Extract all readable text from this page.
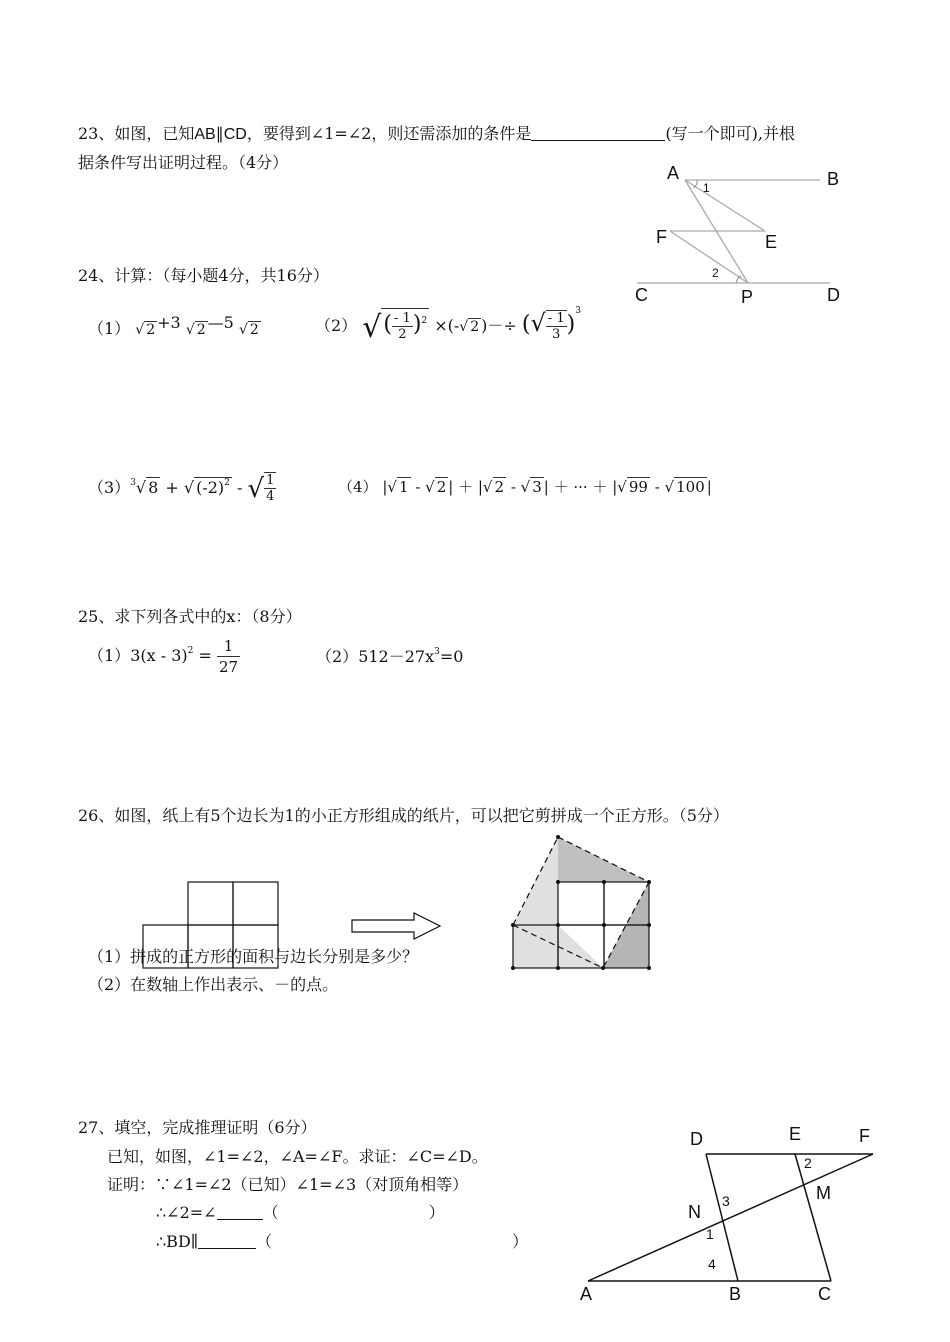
23、如图，已知AB∥CD，要得到∠1=∠2，则还需添加的条件是	(写一个即可),并根
据条件写出证明过程。（4分）
A	B
F	E
C	P	D
1
2
24、计算：（每小题4分，共16分）
（1） √ 2 +3 √ 2 —5 √ 2	（2） √( $\frac{- 1}{2} )^2$ ×(-√ 2 )－÷ (√ $\frac{- 1}{3} )^3$
$(3)^3√$ 8 + √ $(-2)^2$ - √ $\frac{1}{4}$	（4） |√ 1 - √ 2 | ＋ |√ 2 - √ 3 | ＋ ··· ＋ |√ 99 - √ 100 |
25、求下列各式中的x：（8分）
$(1)3(x - 3)^2 = \frac{1}{27}$	$(2)512-27x^3=0$
26、如图，纸上有5个边长为1的小正方形组成的纸片，可以把它剪拼成一个正方形。（5分）
（1）拼成的正方形的面积与边长分别是多少？
（2）在数轴上作出表示、－的点。
27、填空，完成推理证明（6分）
已知，如图，∠1=∠2，∠A=∠F。求证：∠C=∠D。
证明：∵∠1=∠2（已知）∠1=∠3（对顶角相等）
∴∠2=∠	（	）
∴BD∥	（	）
D	E	F
N
M
A	B	C
1
2
3
4
